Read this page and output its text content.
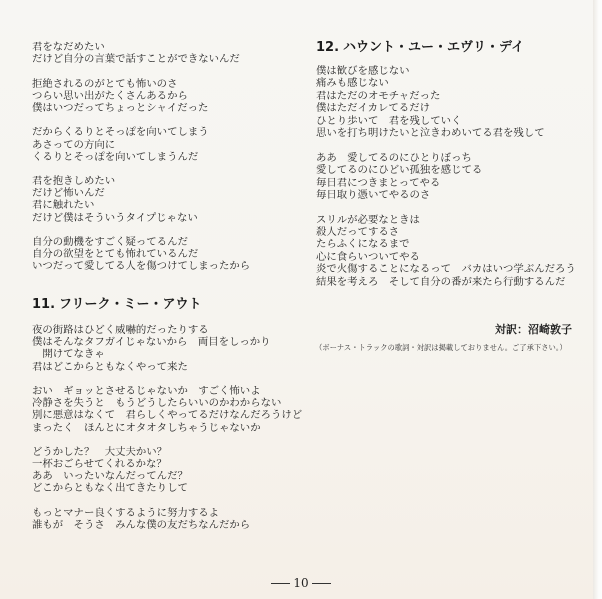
君をなだめたい
だけど自分の言葉で話すことができないんだ
拒絶されるのがとても怖いのさ
つらい思い出がたくさんあるから
僕はいつだってちょっとシャイだった
だからくるりとそっぽを向いてしまう
あさっての方向に
くるりとそっぽを向いてしまうんだ
君を抱きしめたい
だけど怖いんだ
君に触れたい
だけど僕はそういうタイプじゃない
自分の動機をすごく疑ってるんだ
自分の欲望をとても怖れているんだ
いつだって愛してる人を傷つけてしまったから
11. フリーク・ミー・アウト
夜の街路はひどく威嚇的だったりする
僕はそんなタフガイじゃないから　両目をしっかり
　開けてなきゃ
君はどこからともなくやって来た
おい　ギョッとさせるじゃないか　すごく怖いよ
冷静さを失うと　もうどうしたらいいのかわからない
別に悪意はなくて　君らしくやってるだけなんだろうけど
まったく　ほんとにオタオタしちゃうじゃないか
どうかした？　大丈夫かい？
一杯おごらせてくれるかな？
ああ　いったいなんだってんだ？
どこからともなく出てきたりして
もっとマナー良くするように努力するよ
誰もが　そうさ　みんな僕の友だちなんだから
12. ハウント・ユー・エヴリ・デイ
僕は歓びを感じない
痛みも感じない
君はただのオモチャだった
僕はただイカレてるだけ
ひとり歩いて　君を残していく
思いを打ち明けたいと泣きわめいてる君を残して
ああ　愛してるのにひとりぼっち
愛してるのにひどい孤独を感じてる
毎日君につきまとってやる
毎日取り憑いてやるのさ
スリルが必要なときは
殺人だってするさ
たらふくになるまで
心に食らいついてやる
炎で火傷することになるって　バカはいつ学ぶんだろう
結果を考えろ　そして自分の番が来たら行動するんだ
対訳：沼崎敦子
（ボーナス・トラックの歌詞・対訳は掲載しておりません。ご了承下さい。）
10
